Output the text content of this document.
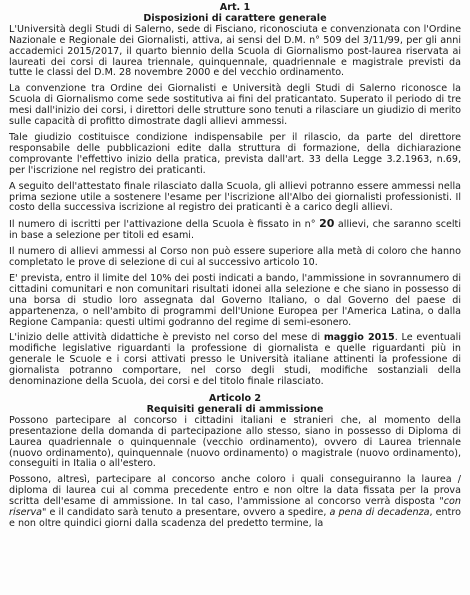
Art. 1

Disposizioni di carattere generale

L'Università degli Studi di Salerno, sede di Fisciano, riconosciuta e convenzionata con l'Ordine Nazionale e Regionale dei Giornalisti, attiva, ai sensi del D.M. n° 509 del 3/11/99, per gli anni accademici 2015/2017, il quarto biennio della Scuola di Giornalismo post-laurea riservata ai laureati dei corsi di laurea triennale, quinquennale, quadriennale e magistrale previsti da tutte le classi del D.M. 28 novembre 2000 e del vecchio ordinamento.

La convenzione tra Ordine dei Giornalisti e Università degli Studi di Salerno riconosce la Scuola di Giornalismo come sede sostitutiva ai fini del praticantato. Superato il periodo di tre mesi dall'inizio dei corsi, i direttori delle strutture sono tenuti a rilasciare un giudizio di merito sulle capacità di profitto dimostrate dagli allievi ammessi.

Tale giudizio costituisce condizione indispensabile per il rilascio, da parte del direttore responsabile delle pubblicazioni edite dalla struttura di formazione, della dichiarazione comprovante l'effettivo inizio della pratica, prevista dall'art. 33 della Legge 3.2.1963, n.69, per l'iscrizione nel registro dei praticanti.

A seguito dell'attestato finale rilasciato dalla Scuola, gli allievi potranno essere ammessi nella prima sezione utile a sostenere l'esame per l'iscrizione all'Albo dei giornalisti professionisti. Il costo della successiva iscrizione al registro dei praticanti è a carico degli allievi.

Il numero di iscritti per l'attivazione della Scuola è fissato in n° 20 allievi, che saranno scelti in base a selezione per titoli ed esami.

Il numero di allievi ammessi al Corso non può essere superiore alla metà di coloro che hanno completato le prove di selezione di cui al successivo articolo 10.

E' prevista, entro il limite del 10% dei posti indicati a bando, l'ammissione in sovrannumero di cittadini comunitari e non comunitari risultati idonei alla selezione e che siano in possesso di una borsa di studio loro assegnata dal Governo Italiano, o dal Governo del paese di appartenenza, o nell'ambito di programmi dell'Unione Europea per l'America Latina, o dalla Regione Campania: questi ultimi godranno del regime di semi-esonero.

L'inizio delle attività didattiche è previsto nel corso del mese di maggio 2015. Le eventuali modifiche legislative riguardanti la professione di giornalista e quelle riguardanti più in generale le Scuole e i corsi attivati presso le Università italiane attinenti la professione di giornalista potranno comportare, nel corso degli studi, modifiche sostanziali della denominazione della Scuola, dei corsi e del titolo finale rilasciato.

Articolo 2

Requisiti generali di ammissione

Possono partecipare al concorso i cittadini italiani e stranieri che, al momento della presentazione della domanda di partecipazione allo stesso, siano in possesso di Diploma di Laurea quadriennale o quinquennale (vecchio ordinamento), ovvero di Laurea triennale (nuovo ordinamento), quinquennale (nuovo ordinamento) o magistrale (nuovo ordinamento), conseguiti in Italia o all'estero.

Possono, altresì, partecipare al concorso anche coloro i quali conseguiranno la laurea / diploma di laurea cui al comma precedente entro e non oltre la data fissata per la prova scritta dell'esame di ammissione. In tal caso, l'ammissione al concorso verrà disposta "con riserva" e il candidato sarà tenuto a presentare, ovvero a spedire, a pena di decadenza, entro e non oltre quindici giorni dalla scadenza del predetto termine, la
